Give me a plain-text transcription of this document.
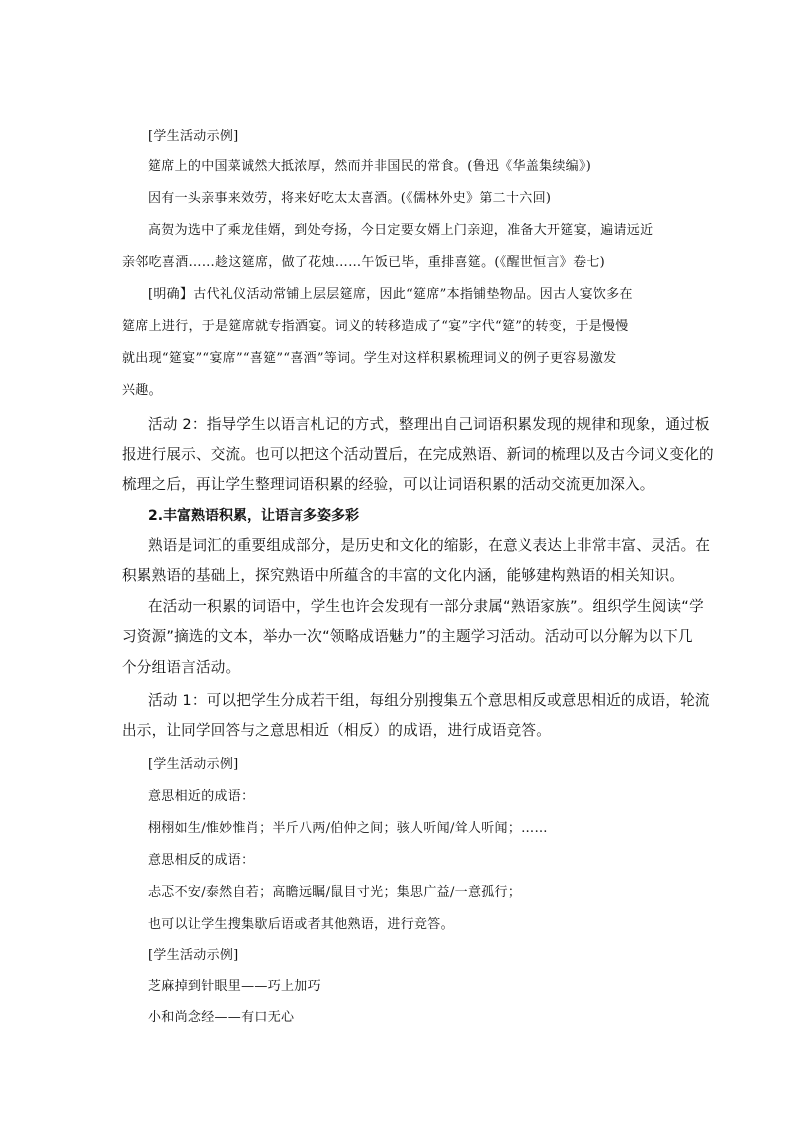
[学生活动示例]
筵席上的中国菜诚然大抵浓厚，然而并非国民的常食。(鲁迅《华盖集续编》)
因有一头亲事来效劳，将来好吃太太喜酒。(《儒林外史》第二十六回)
高贺为选中了乘龙佳婿，到处夸扬，今日定要女婿上门亲迎，准备大开筵宴，遍请远近
亲邻吃喜酒……趁这筵席，做了花烛……午饭已毕，重排喜筵。(《醒世恒言》卷七)
[明确】古代礼仪活动常铺上层层筵席，因此“筵席”本指铺垫物品。因古人宴饮多在
筵席上进行，于是筵席就专指酒宴。词义的转移造成了“宴”字代“筵”的转变，于是慢慢
就出现“筵宴”“宴席”“喜筵”“喜酒”等词。学生对这样积累梳理词义的例子更容易激发
兴趣。
活动 2：指导学生以语言札记的方式，整理出自己词语积累发现的规律和现象，通过板
报进行展示、交流。也可以把这个活动置后，在完成熟语、新词的梳理以及古今词义变化的
梳理之后，再让学生整理词语积累的经验，可以让词语积累的活动交流更加深入。
2.丰富熟语积累，让语言多姿多彩
熟语是词汇的重要组成部分，是历史和文化的缩影，在意义表达上非常丰富、灵活。在
积累熟语的基础上，探究熟语中所蕴含的丰富的文化内涵，能够建构熟语的相关知识。
在活动一积累的词语中，学生也许会发现有一部分隶属“熟语家族”。组织学生阅读“学
习资源”摘选的文本，举办一次“领略成语魅力”的主题学习活动。活动可以分解为以下几
个分组语言活动。
活动 1：可以把学生分成若干组，每组分别搜集五个意思相反或意思相近的成语，轮流
出示，让同学回答与之意思相近（相反）的成语，进行成语竞答。
[学生活动示例]
意思相近的成语：
栩栩如生/惟妙惟肖；半斤八两/伯仲之间；骇人听闻/耸人听闻；……
意思相反的成语：
忐忑不安/泰然自若；高瞻远瞩/鼠目寸光；集思广益/一意孤行；
也可以让学生搜集歇后语或者其他熟语，进行竞答。
[学生活动示例]
芝麻掉到针眼里——巧上加巧
小和尚念经——有口无心
